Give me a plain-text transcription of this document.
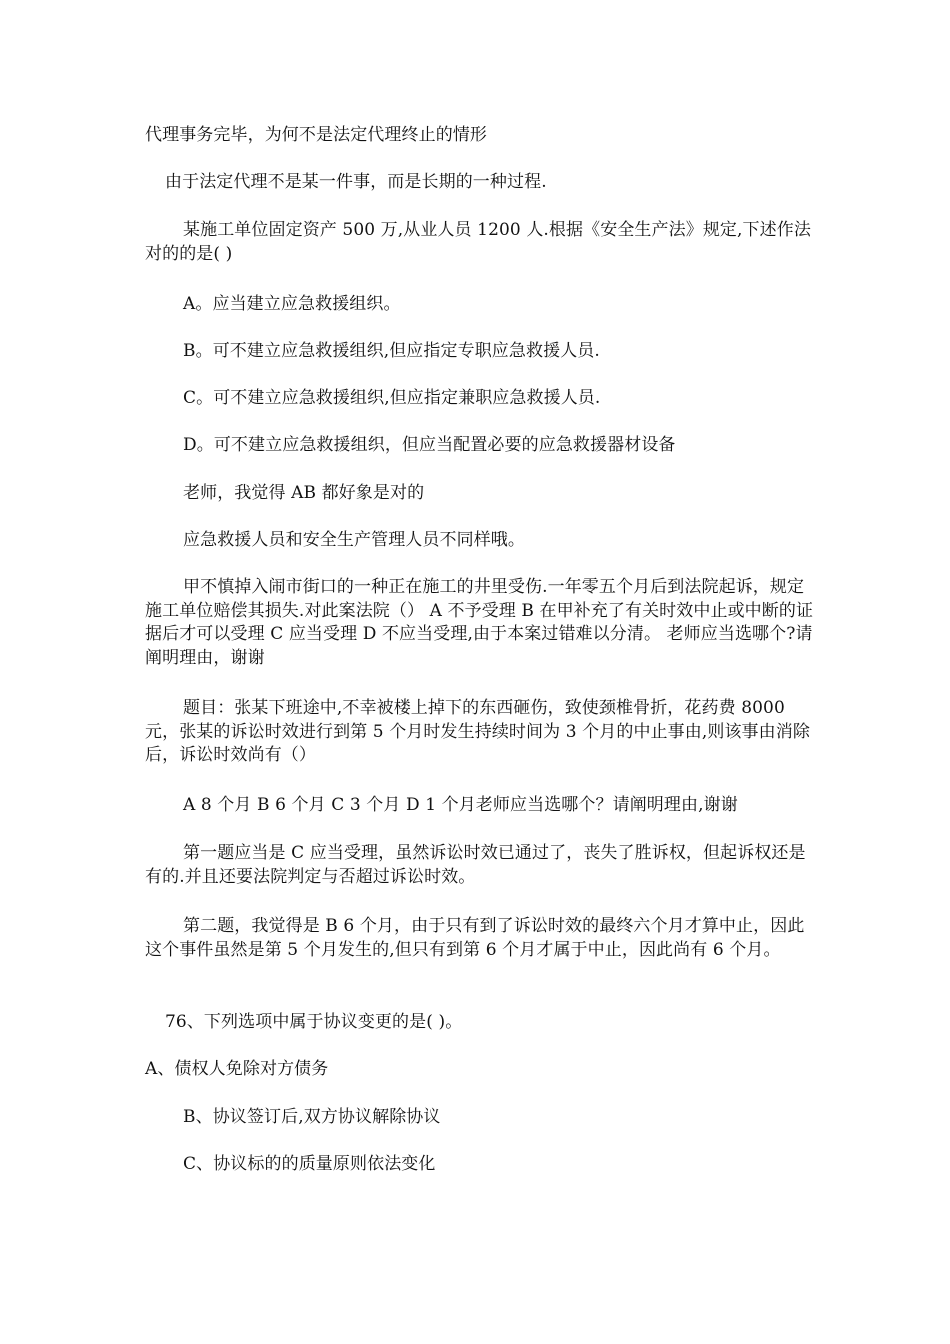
代理事务完毕，为何不是法定代理终止的情形

由于法定代理不是某一件事，而是长期的一种过程.

某施工单位固定资产 500 万,从业人员 1200 人.根据《安全生产法》规定,下述作法对的的是( )

A。应当建立应急救援组织。

B。可不建立应急救援组织,但应指定专职应急救援人员.

C。可不建立应急救援组织,但应指定兼职应急救援人员.

D。可不建立应急救援组织，但应当配置必要的应急救援器材设备

老师，我觉得 AB 都好象是对的

应急救援人员和安全生产管理人员不同样哦。

甲不慎掉入闹市街口的一种正在施工的井里受伤.一年零五个月后到法院起诉，规定施工单位赔偿其损失.对此案法院（） A 不予受理 B 在甲补充了有关时效中止或中断的证据后才可以受理 C 应当受理 D 不应当受理,由于本案过错难以分清。 老师应当选哪个?请阐明理由，谢谢

题目：张某下班途中,不幸被楼上掉下的东西砸伤，致使颈椎骨折，花药费 8000 元，张某的诉讼时效进行到第 5 个月时发生持续时间为 3 个月的中止事由,则该事由消除后，诉讼时效尚有（）

A 8 个月 B 6 个月 C 3 个月 D 1 个月老师应当选哪个？请阐明理由,谢谢

第一题应当是 C 应当受理，虽然诉讼时效已通过了，丧失了胜诉权，但起诉权还是有的.并且还要法院判定与否超过诉讼时效。

第二题，我觉得是 B 6 个月，由于只有到了诉讼时效的最终六个月才算中止，因此这个事件虽然是第 5 个月发生的,但只有到第 6 个月才属于中止，因此尚有 6 个月。

76、下列选项中属于协议变更的是( )。

A、债权人免除对方债务

B、协议签订后,双方协议解除协议

C、协议标的的质量原则依法变化
